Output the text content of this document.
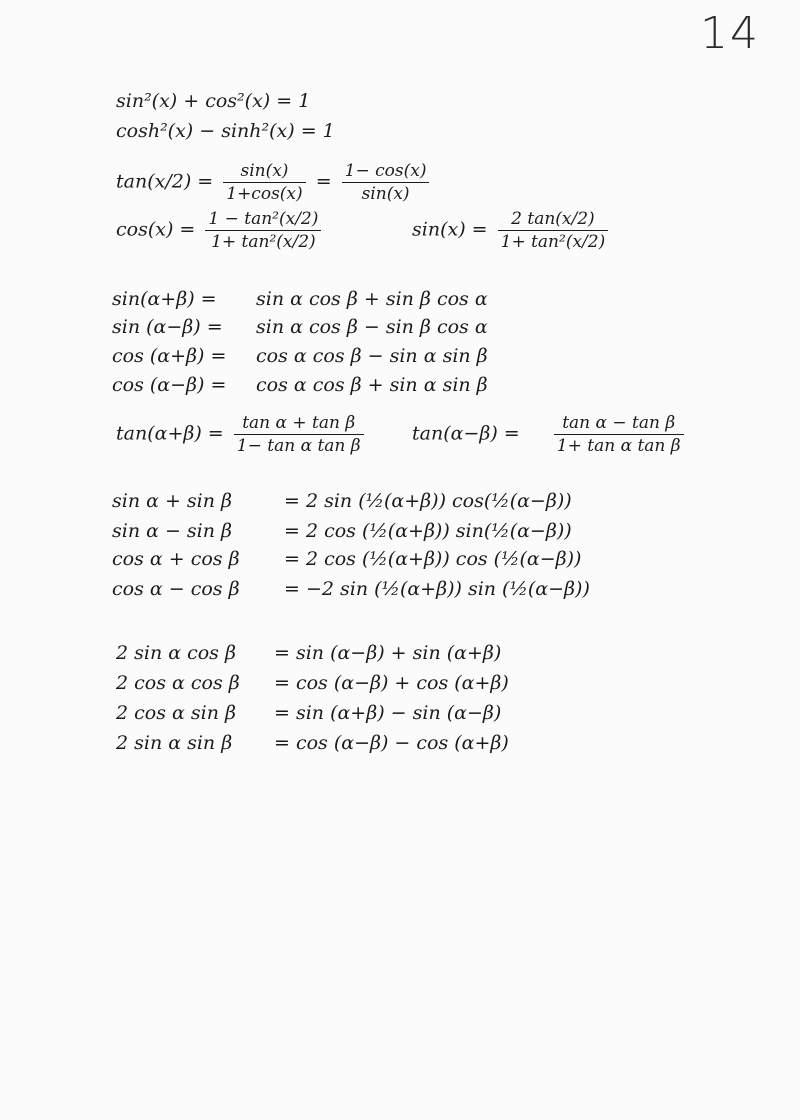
14
sin²(x) + cos²(x) = 1
cosh²(x) − sinh²(x) = 1
$\tan(x/2) = \frac{\sin(x)}{1+\cos(x)} = \frac{1- \cos(x)}{\sin(x)}$
$\cos(x) = \frac{\text{1 − tan²(x/2)}}{\text{1+ tan²(x/2)}}$	$\sin(x) = \frac{2 \tan(x/2)}{\text{1+ tan²(x/2)}}$
sin(α+β) = sin α cos β + sin β cos α
sin (α−β) = sin α cos β − sin β cos α
cos (α+β) = cos α cos β − sin α sin β
cos (α−β) = cos α cos β + sin α sin β
$\tan(\alpha+\beta) = \frac{\text{tan α + tan β}}{\text{1− tan α tan β}}$	$\tan(\alpha-\beta) = \frac{\text{tan α − tan β}}{\text{1+ tan α tan β}}$
sin α + sin β	= 2 sin (½(α+β)) cos(½(α−β))
sin α − sin β	= 2 cos (½(α+β)) sin(½(α−β))
cos α + cos β = 2 cos (½(α+β)) cos (½(α−β))
cos α − cos β = −2 sin (½(α+β)) sin (½(α−β))
2 sin α cos β = sin (α−β) + sin (α+β)
2 cos α cos β = cos (α−β) + cos (α+β)
2 cos α sin β = sin (α+β) − sin (α−β)
2 sin α sin β = cos (α−β) − cos (α+β)
